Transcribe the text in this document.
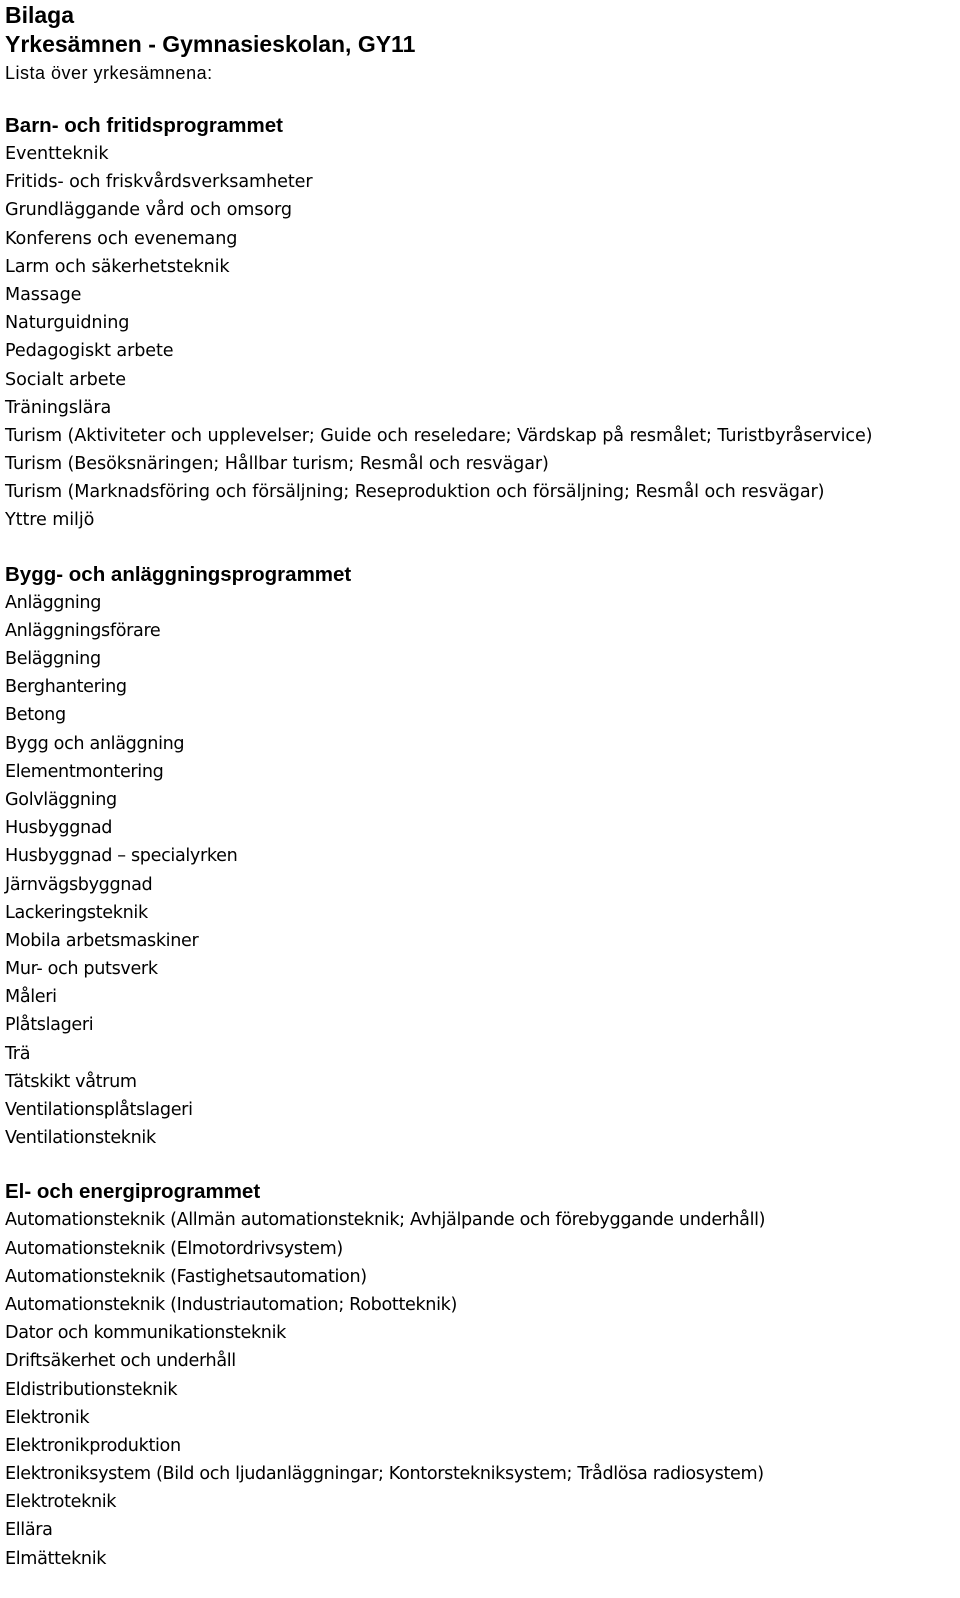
Bilaga
Yrkesämnen - Gymnasieskolan, GY11
Lista över yrkesämnena:
Barn- och fritidsprogrammet
Eventteknik
Fritids- och friskvårdsverksamheter
Grundläggande vård och omsorg
Konferens och evenemang
Larm och säkerhetsteknik
Massage
Naturguidning
Pedagogiskt arbete
Socialt arbete
Träningslära
Turism (Aktiviteter och upplevelser; Guide och reseledare; Värdskap på resmålet; Turistbyråservice)
Turism (Besöksnäringen; Hållbar turism; Resmål och resvägar)
Turism (Marknadsföring och försäljning; Reseproduktion och försäljning; Resmål och resvägar)
Yttre miljö
Bygg- och anläggningsprogrammet
Anläggning
Anläggningsförare
Beläggning
Berghantering
Betong
Bygg och anläggning
Elementmontering
Golvläggning
Husbyggnad
Husbyggnad – specialyrken
Järnvägsbyggnad
Lackeringsteknik
Mobila arbetsmaskiner
Mur- och putsverk
Måleri
Plåtslageri
Trä
Tätskikt våtrum
Ventilationsplåtslageri
Ventilationsteknik
El- och energiprogrammet
Automationsteknik (Allmän automationsteknik; Avhjälpande och förebyggande underhåll)
Automationsteknik (Elmotordrivsystem)
Automationsteknik (Fastighetsautomation)
Automationsteknik (Industriautomation; Robotteknik)
Dator och kommunikationsteknik
Driftsäkerhet och underhåll
Eldistributionsteknik
Elektronik
Elektronikproduktion
Elektroniksystem (Bild och ljudanläggningar; Kontorstekniksystem; Trådlösa radiosystem)
Elektroteknik
Ellära
Elmätteknik
